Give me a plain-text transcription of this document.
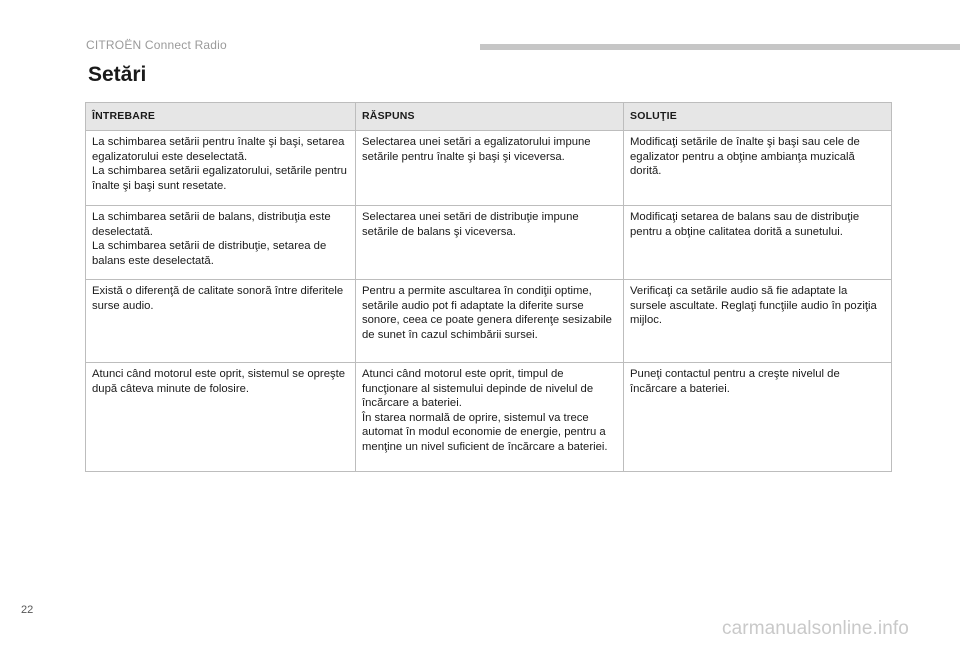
CITROËN Connect Radio
Setări
ÎNTREBARE	RĂSPUNS	SOLUŢIE
La schimbarea setării pentru înalte şi başi, setarea egalizatorului este deselectată.
La schimbarea setării egalizatorului, setările pentru înalte şi başi sunt resetate.	Selectarea unei setări a egalizatorului impune setările pentru înalte şi başi şi viceversa.	Modificaţi setările de înalte şi başi sau cele de egalizator pentru a obţine ambianţa muzicală dorită.
La schimbarea setării de balans, distribuţia este deselectată.
La schimbarea setării de distribuţie, setarea de balans este deselectată.	Selectarea unei setări de distribuţie impune setările de balans şi viceversa.	Modificaţi setarea de balans sau de distribuţie pentru a obţine calitatea dorită a sunetului.
Există o diferenţă de calitate sonoră între diferitele surse audio.	Pentru a permite ascultarea în condiţii optime, setările audio pot fi adaptate la diferite surse sonore, ceea ce poate genera diferenţe sesizabile de sunet în cazul schimbării sursei.	Verificaţi ca setările audio să fie adaptate la sursele ascultate. Reglaţi funcţiile audio în poziţia mijloc.
Atunci când motorul este oprit, sistemul se opreşte după câteva minute de folosire.	Atunci când motorul este oprit, timpul de funcţionare al sistemului depinde de nivelul de încărcare a bateriei.
În starea normală de oprire, sistemul va trece automat în modul economie de energie, pentru a menţine un nivel suficient de încărcare a bateriei.	Puneţi contactul pentru a creşte nivelul de încărcare a bateriei.
22
carmanualsonline.info
